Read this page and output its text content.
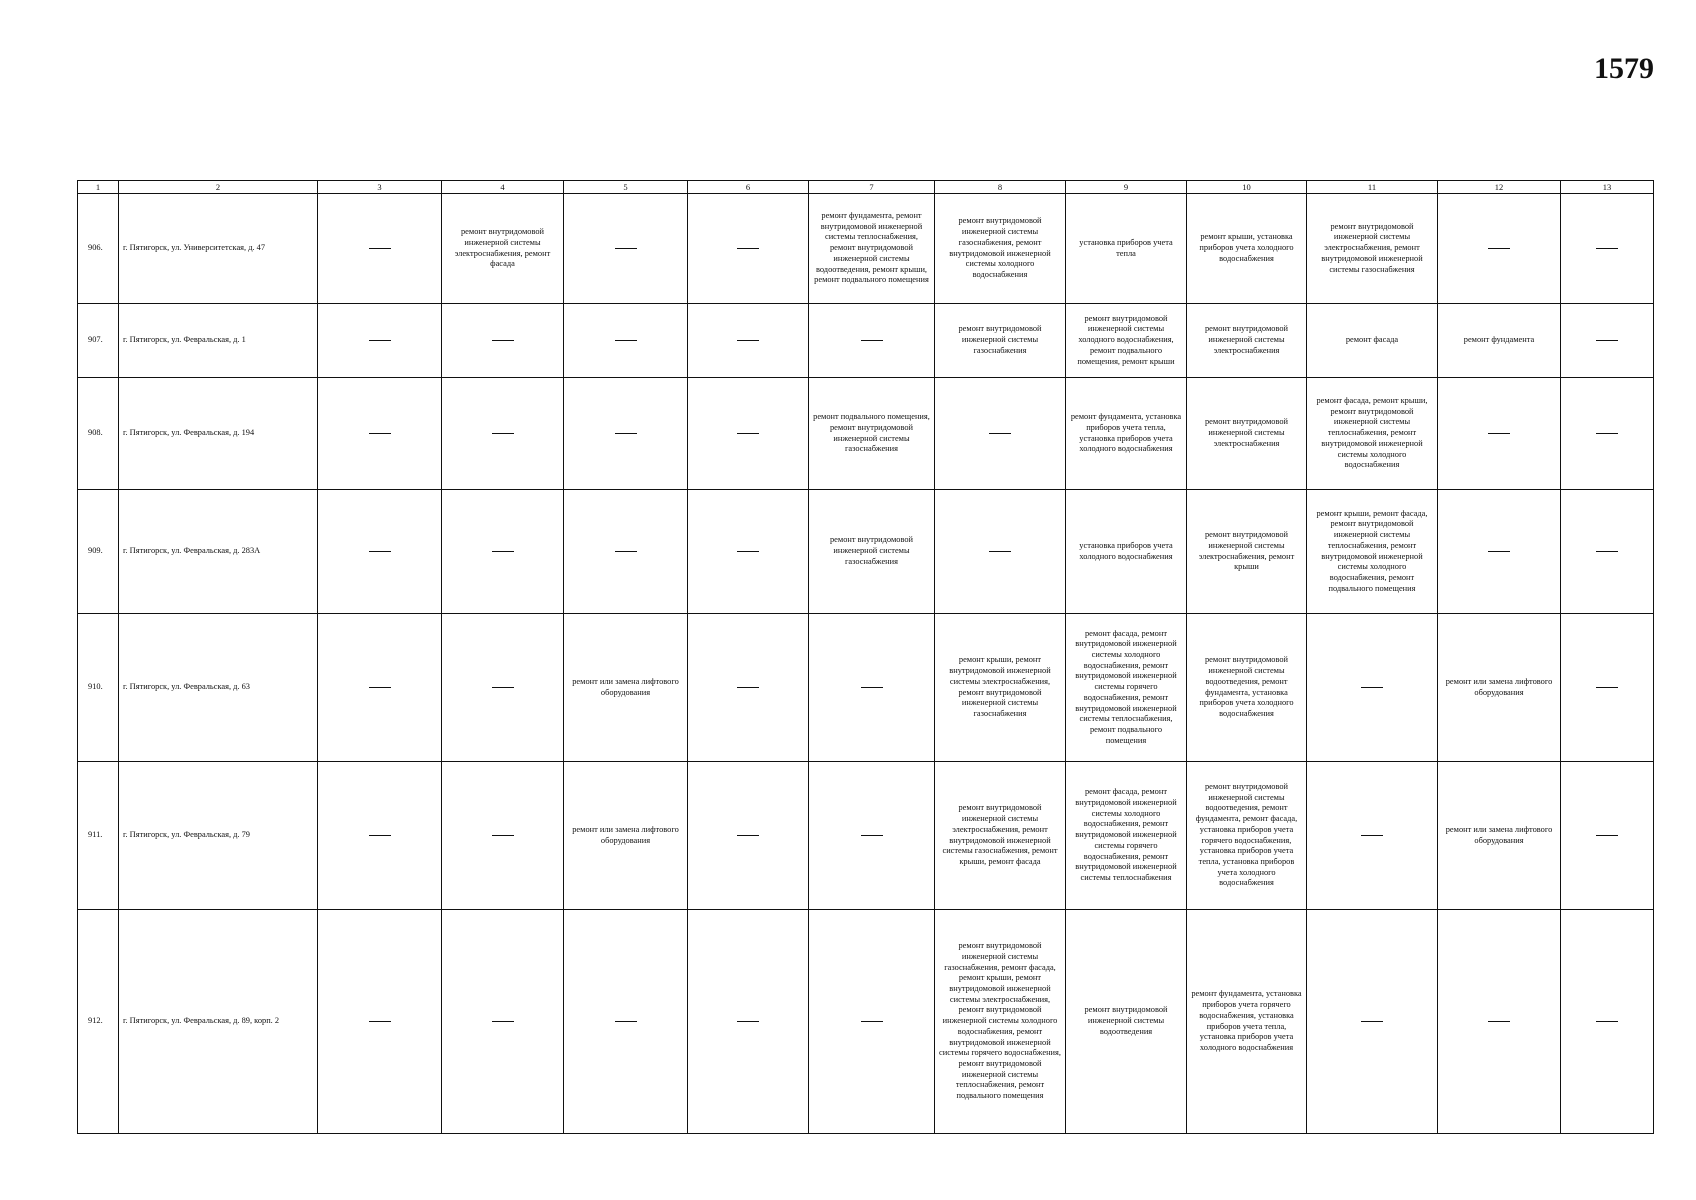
1579
1	2	3	4	5	6	7	8	9	10	11	12	13
906.	г. Пятигорск, ул. Университетская, д. 47		ремонт внутридомовой инженерной системы электроснабжения, ремонт фасада			ремонт фундамента, ремонт внутридомовой инженерной системы теплоснабжения, ремонт внутридомовой инженерной системы водоотведения, ремонт крыши, ремонт подвального помещения	ремонт внутридомовой инженерной системы газоснабжения, ремонт внутридомовой инженерной системы холодного водоснабжения	установка приборов учета тепла	ремонт крыши, установка приборов учета холодного водоснабжения	ремонт внутридомовой инженерной системы электроснабжения, ремонт внутридомовой инженерной системы газоснабжения		
907.	г. Пятигорск, ул. Февральская, д. 1						ремонт внутридомовой инженерной системы газоснабжения	ремонт внутридомовой инженерной системы холодного водоснабжения, ремонт подвального помещения, ремонт крыши	ремонт внутридомовой инженерной системы электроснабжения	ремонт фасада	ремонт фундамента	
908.	г. Пятигорск, ул. Февральская, д. 194					ремонт подвального помещения, ремонт внутридомовой инженерной системы газоснабжения		ремонт фундамента, установка приборов учета тепла, установка приборов учета холодного водоснабжения	ремонт внутридомовой инженерной системы электроснабжения	ремонт фасада, ремонт крыши, ремонт внутридомовой инженерной системы теплоснабжения, ремонт внутридомовой инженерной системы холодного водоснабжения		
909.	г. Пятигорск, ул. Февральская, д. 283А					ремонт внутридомовой инженерной системы газоснабжения		установка приборов учета холодного водоснабжения	ремонт внутридомовой инженерной системы электроснабжения, ремонт крыши	ремонт крыши, ремонт фасада, ремонт внутридомовой инженерной системы теплоснабжения, ремонт внутридомовой инженерной системы холодного водоснабжения, ремонт подвального помещения		
910.	г. Пятигорск, ул. Февральская, д. 63			ремонт или замена лифтового оборудования			ремонт крыши, ремонт внутридомовой инженерной системы электроснабжения, ремонт внутридомовой инженерной системы газоснабжения	ремонт фасада, ремонт внутридомовой инженерной системы холодного водоснабжения, ремонт внутридомовой инженерной системы горячего водоснабжения, ремонт внутридомовой инженерной системы теплоснабжения, ремонт подвального помещения	ремонт внутридомовой инженерной системы водоотведения, ремонт фундамента, установка приборов учета холодного водоснабжения		ремонт или замена лифтового оборудования	
911.	г. Пятигорск, ул. Февральская, д. 79			ремонт или замена лифтового оборудования			ремонт внутридомовой инженерной системы электроснабжения, ремонт внутридомовой инженерной системы газоснабжения, ремонт крыши, ремонт фасада	ремонт фасада, ремонт внутридомовой инженерной системы холодного водоснабжения, ремонт внутридомовой инженерной системы горячего водоснабжения, ремонт внутридомовой инженерной системы теплоснабжения	ремонт внутридомовой инженерной системы водоотведения, ремонт фундамента, ремонт фасада, установка приборов учета горячего водоснабжения, установка приборов учета тепла, установка приборов учета холодного водоснабжения		ремонт или замена лифтового оборудования	
912.	г. Пятигорск, ул. Февральская, д. 89, корп. 2						ремонт внутридомовой инженерной системы газоснабжения, ремонт фасада, ремонт крыши, ремонт внутридомовой инженерной системы электроснабжения, ремонт внутридомовой инженерной системы холодного водоснабжения, ремонт внутридомовой инженерной системы горячего водоснабжения, ремонт внутридомовой инженерной системы теплоснабжения, ремонт подвального помещения	ремонт внутридомовой инженерной системы водоотведения	ремонт фундамента, установка приборов учета горячего водоснабжения, установка приборов учета тепла, установка приборов учета холодного водоснабжения			
